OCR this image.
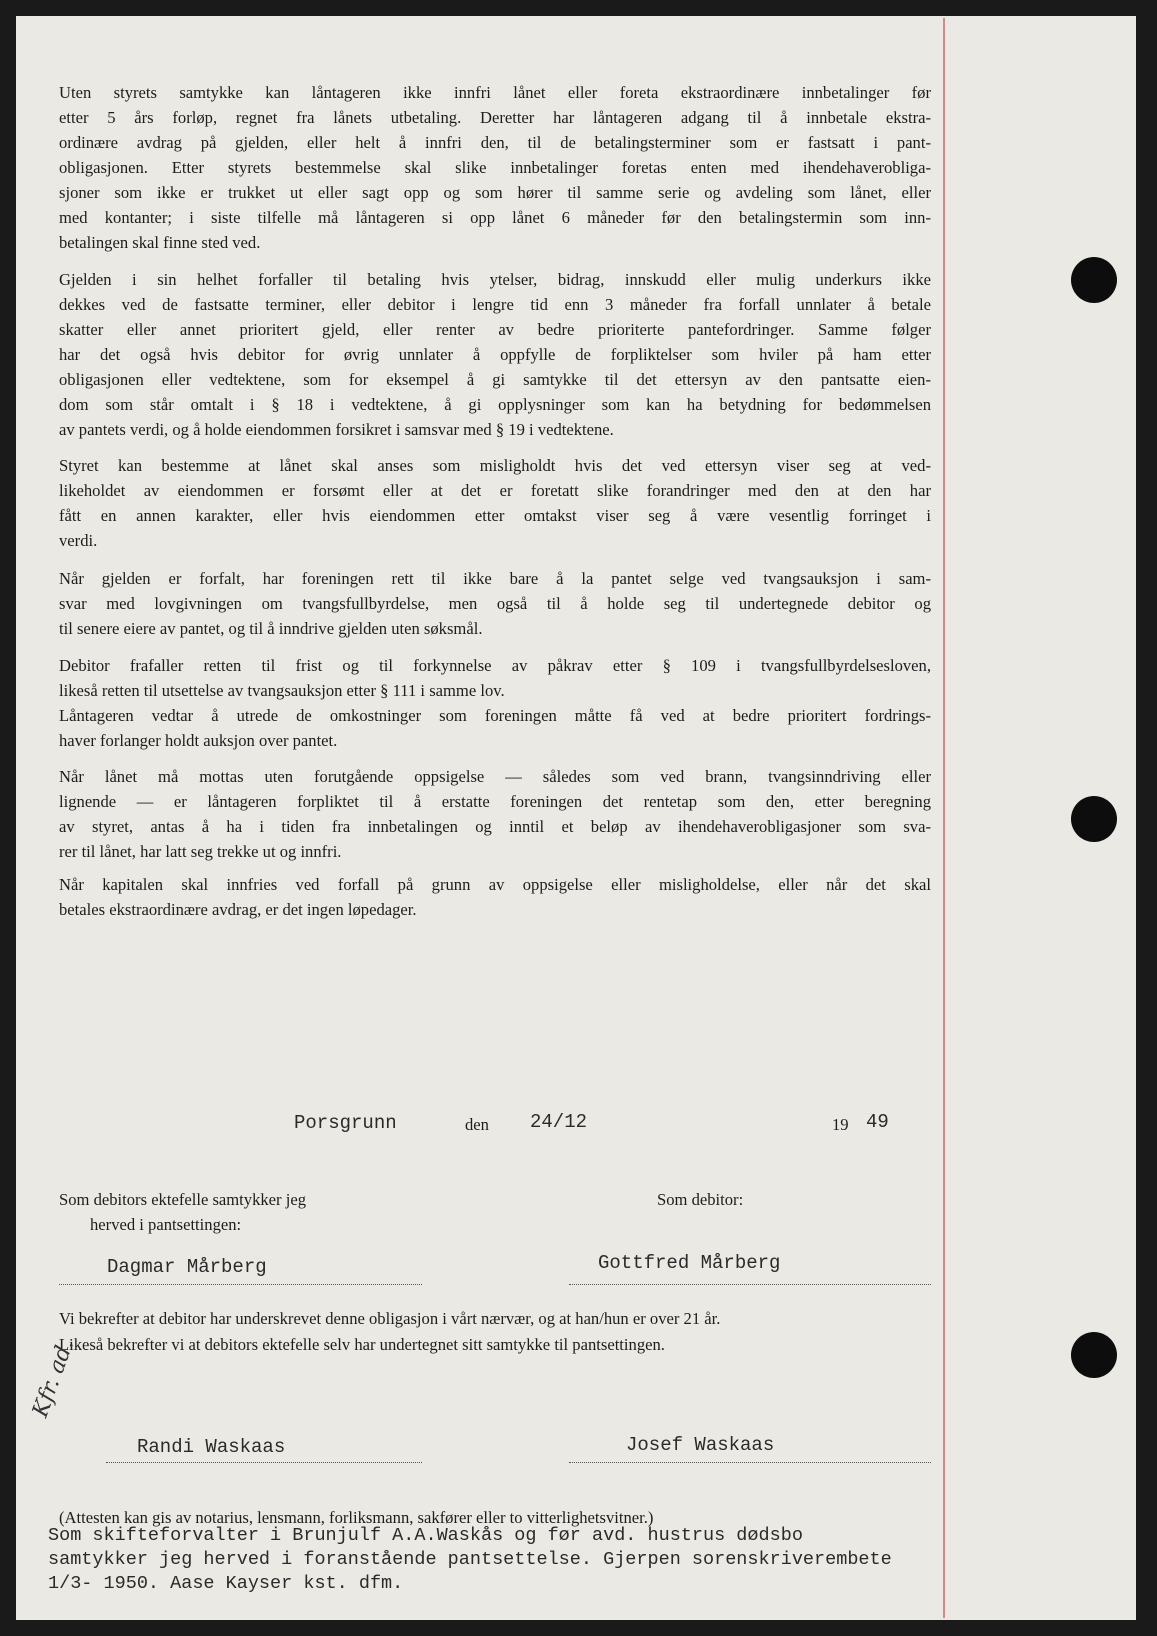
Uten styrets samtykke kan låntageren ikke innfri lånet eller foreta ekstraordinære innbetalinger før
etter 5 års forløp, regnet fra lånets utbetaling. Deretter har låntageren adgang til å innbetale ekstra-
ordinære avdrag på gjelden, eller helt å innfri den, til de betalingsterminer som er fastsatt i pant-
obligasjonen. Etter styrets bestemmelse skal slike innbetalinger foretas enten med ihendehaverobliga-
sjoner som ikke er trukket ut eller sagt opp og som hører til samme serie og avdeling som lånet, eller
med kontanter; i siste tilfelle må låntageren si opp lånet 6 måneder før den betalingstermin som inn-
betalingen skal finne sted ved.
Gjelden i sin helhet forfaller til betaling hvis ytelser, bidrag, innskudd eller mulig underkurs ikke
dekkes ved de fastsatte terminer, eller debitor i lengre tid enn 3 måneder fra forfall unnlater å betale
skatter eller annet prioritert gjeld, eller renter av bedre prioriterte pantefordringer. Samme følger
har det også hvis debitor for øvrig unnlater å oppfylle de forpliktelser som hviler på ham etter
obligasjonen eller vedtektene, som for eksempel å gi samtykke til det ettersyn av den pantsatte eien-
dom som står omtalt i § 18 i vedtektene, å gi opplysninger som kan ha betydning for bedømmelsen
av pantets verdi, og å holde eiendommen forsikret i samsvar med § 19 i vedtektene.
Styret kan bestemme at lånet skal anses som misligholdt hvis det ved ettersyn viser seg at ved-
likeholdet av eiendommen er forsømt eller at det er foretatt slike forandringer med den at den har
fått en annen karakter, eller hvis eiendommen etter omtakst viser seg å være vesentlig forringet i
verdi.
Når gjelden er forfalt, har foreningen rett til ikke bare å la pantet selge ved tvangsauksjon i sam-
svar med lovgivningen om tvangsfullbyrdelse, men også til å holde seg til undertegnede debitor og
til senere eiere av pantet, og til å inndrive gjelden uten søksmål.
Debitor frafaller retten til frist og til forkynnelse av påkrav etter § 109 i tvangsfullbyrdelsesloven,
likeså retten til utsettelse av tvangsauksjon etter § 111 i samme lov.
Låntageren vedtar å utrede de omkostninger som foreningen måtte få ved at bedre prioritert fordrings-
haver forlanger holdt auksjon over pantet.
Når lånet må mottas uten forutgående oppsigelse — således som ved brann, tvangsinndriving eller
lignende — er låntageren forpliktet til å erstatte foreningen det rentetap som den, etter beregning
av styret, antas å ha i tiden fra innbetalingen og inntil et beløp av ihendehaverobligasjoner som sva-
rer til lånet, har latt seg trekke ut og innfri.
Når kapitalen skal innfries ved forfall på grunn av oppsigelse eller misligholdelse, eller når det skal
betales ekstraordinære avdrag, er det ingen løpedager.
Porsgrunn	den 24/12	19 49
Som debitors ektefelle samtykker jeg
herved i pantsettingen:
Som debitor:
Dagmar Mårberg	Gottfred Mårberg
Vi bekrefter at debitor har underskrevet denne obligasjon i vårt nærvær, og at han/hun er over 21 år.
Likeså bekrefter vi at debitors ektefelle selv har undertegnet sitt samtykke til pantsettingen.
Kfr. ad.
Randi Waskaas	Josef Waskaas
(Attesten kan gis av notarius, lensmann, forliksmann, sakfører eller to vitterlighetsvitner.)
Som skifteforvalter i Brunjulf A.A.Waskås og før avd. hustrus dødsbo
samtykker jeg herved i foranstående pantsettelse. Gjerpen sorenskriverembete
1/3- 1950. Aase Kayser kst. dfm.
